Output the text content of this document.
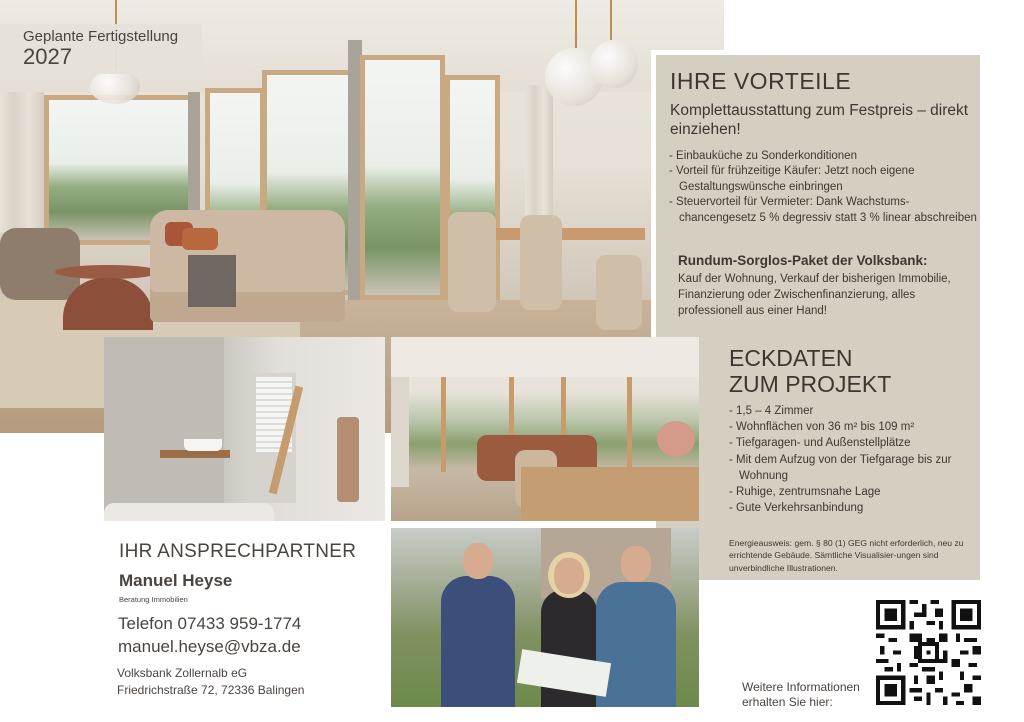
Geplante Fertigstellung
2027
IHRE VORTEILE
Komplettausstattung zum Festpreis – direkt einziehen!
- Einbauküche zu Sonderkonditionen
- Vorteil für frühzeitige Käufer: Jetzt noch eigene Gestaltungswünsche einbringen
- Steuervorteil für Vermieter: Dank Wachstums-chancengesetz 5 % degressiv statt 3 % linear abschreiben
Rundum-Sorglos-Paket der Volksbank:
Kauf der Wohnung, Verkauf der bisherigen Immobilie, Finanzierung oder Zwischenfinanzierung, alles professionell aus einer Hand!
ECKDATEN
ZUM PROJEKT
- 1,5 – 4 Zimmer
- Wohnflächen von 36 m² bis 109 m²
- Tiefgaragen- und Außenstellplätze
- Mit dem Aufzug von der Tiefgarage bis zur Wohnung
- Ruhige, zentrumsnahe Lage
- Gute Verkehrsanbindung
Energieausweis: gem. § 80 (1) GEG nicht erforderlich, neu zu errichtende Gebäude. Sämtliche Visualisier-ungen sind unverbindliche Illustrationen.
IHR ANSPRECHPARTNER
Manuel Heyse
Beratung Immobilien
Telefon 07433 959-1774
manuel.heyse@vbza.de
Volksbank Zollernalb eG
Friedrichstraße 72, 72336 Balingen	Weitere Informationen
erhalten Sie hier:
